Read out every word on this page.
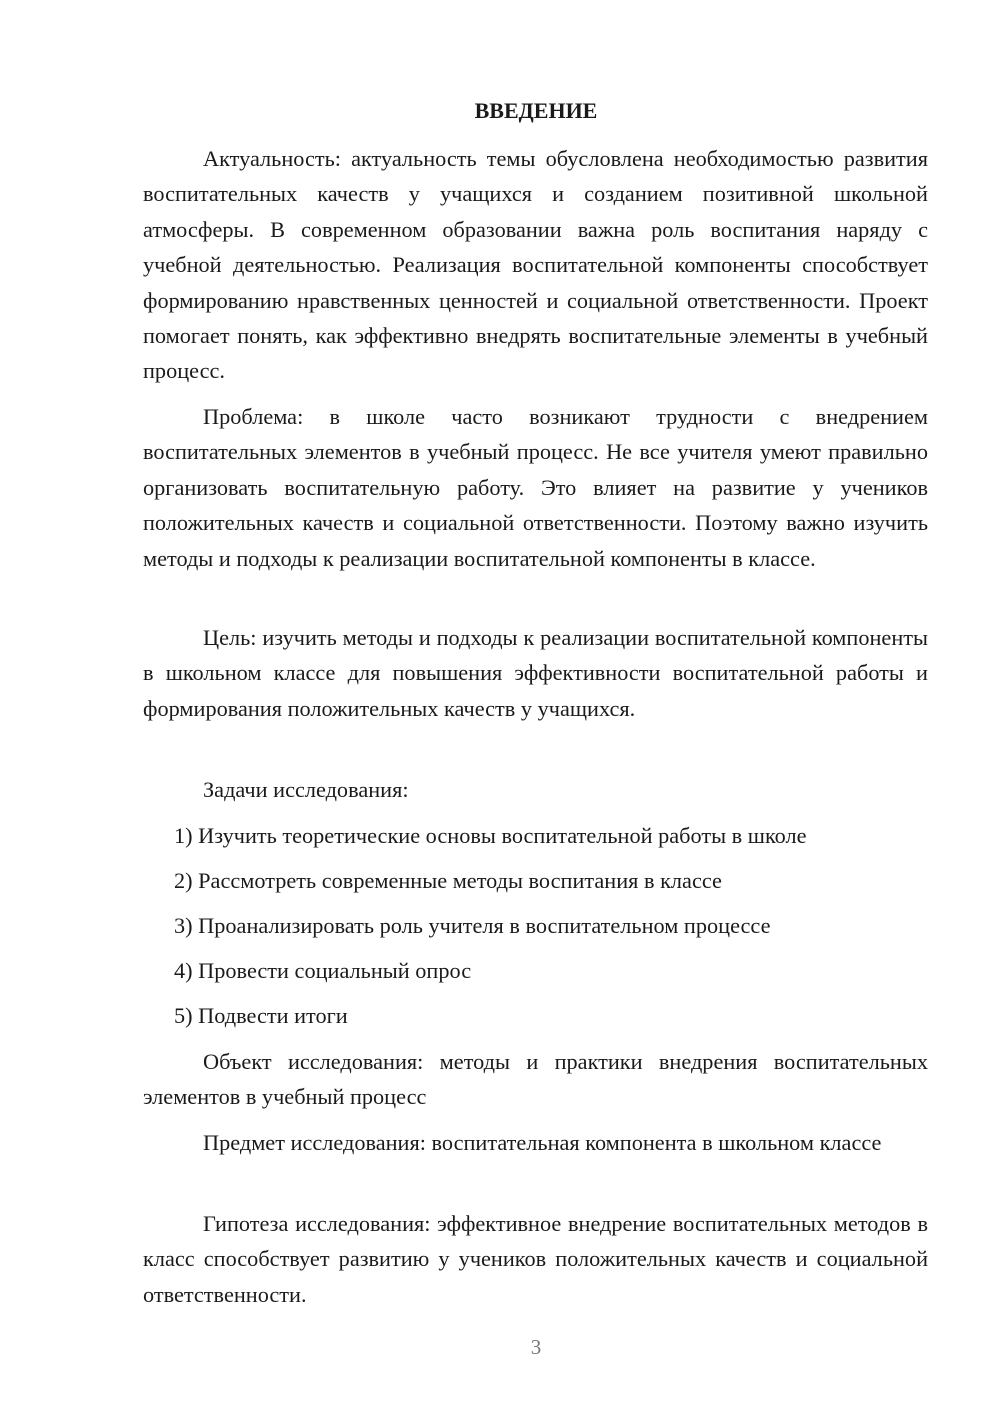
ВВЕДЕНИЕ
Актуальность: актуальность темы обусловлена необходимостью развития воспитательных качеств у учащихся и созданием позитивной школьной атмосферы. В современном образовании важна роль воспитания наряду с учебной деятельностью. Реализация воспитательной компоненты способствует формированию нравственных ценностей и социальной ответственности. Проект помогает понять, как эффективно внедрять воспитательные элементы в учебный процесс.
Проблема: в школе часто возникают трудности с внедрением воспитательных элементов в учебный процесс. Не все учителя умеют правильно организовать воспитательную работу. Это влияет на развитие у учеников положительных качеств и социальной ответственности. Поэтому важно изучить методы и подходы к реализации воспитательной компоненты в классе.
Цель: изучить методы и подходы к реализации воспитательной компоненты в школьном классе для повышения эффективности воспитательной работы и формирования положительных качеств у учащихся.
Задачи исследования:
1) Изучить теоретические основы воспитательной работы в школе
2) Рассмотреть современные методы воспитания в классе
3) Проанализировать роль учителя в воспитательном процессе
4) Провести социальный опрос
5) Подвести итоги
Объект исследования: методы и практики внедрения воспитательных элементов в учебный процесс
Предмет исследования: воспитательная компонента в школьном классе
Гипотеза исследования: эффективное внедрение воспитательных методов в класс способствует развитию у учеников положительных качеств и социальной ответственности.
3
